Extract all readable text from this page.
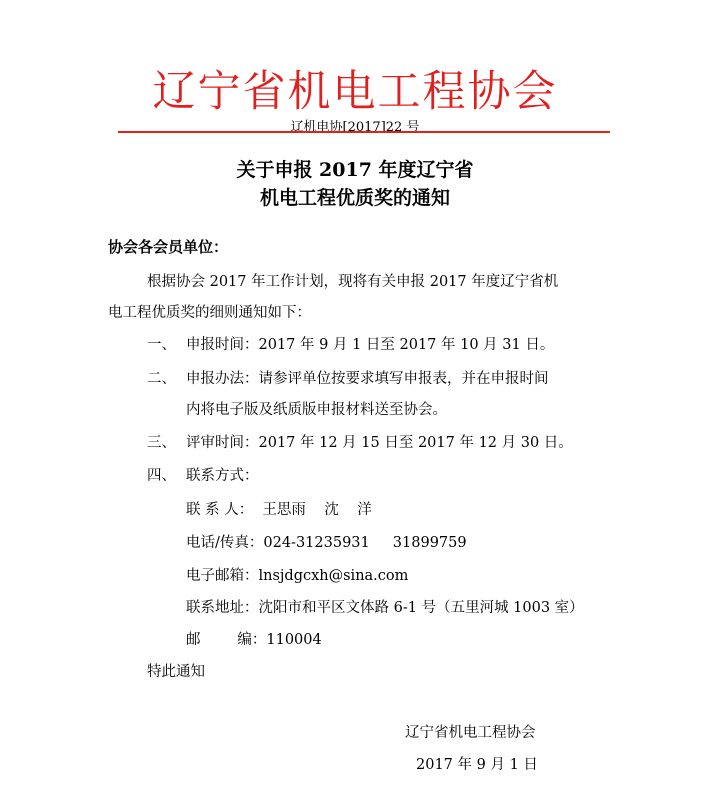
辽宁省机电工程协会
辽机电协[2017]22 号
关于申报 2017 年度辽宁省
机电工程优质奖的通知
协会各会员单位：
根据协会 2017 年工作计划，现将有关申报 2017 年度辽宁省机
电工程优质奖的细则通知如下：
一、 申报时间：2017 年 9 月 1 日至 2017 年 10 月 31 日。
二、 申报办法：请参评单位按要求填写申报表，并在申报时间
内将电子版及纸质版申报材料送至协会。
三、 评审时间：2017 年 12 月 15 日至 2017 年 12 月 30 日。
四、 联系方式：
联 系 人：  王思雨    沈    洋
电话/传真：024-31235931     31899759
电子邮箱：lnsjdgcxh@sina.com
联系地址：沈阳市和平区文体路 6-1 号（五里河城 1003 室）
邮        编：110004
特此通知
辽宁省机电工程协会
2017 年 9 月 1 日
